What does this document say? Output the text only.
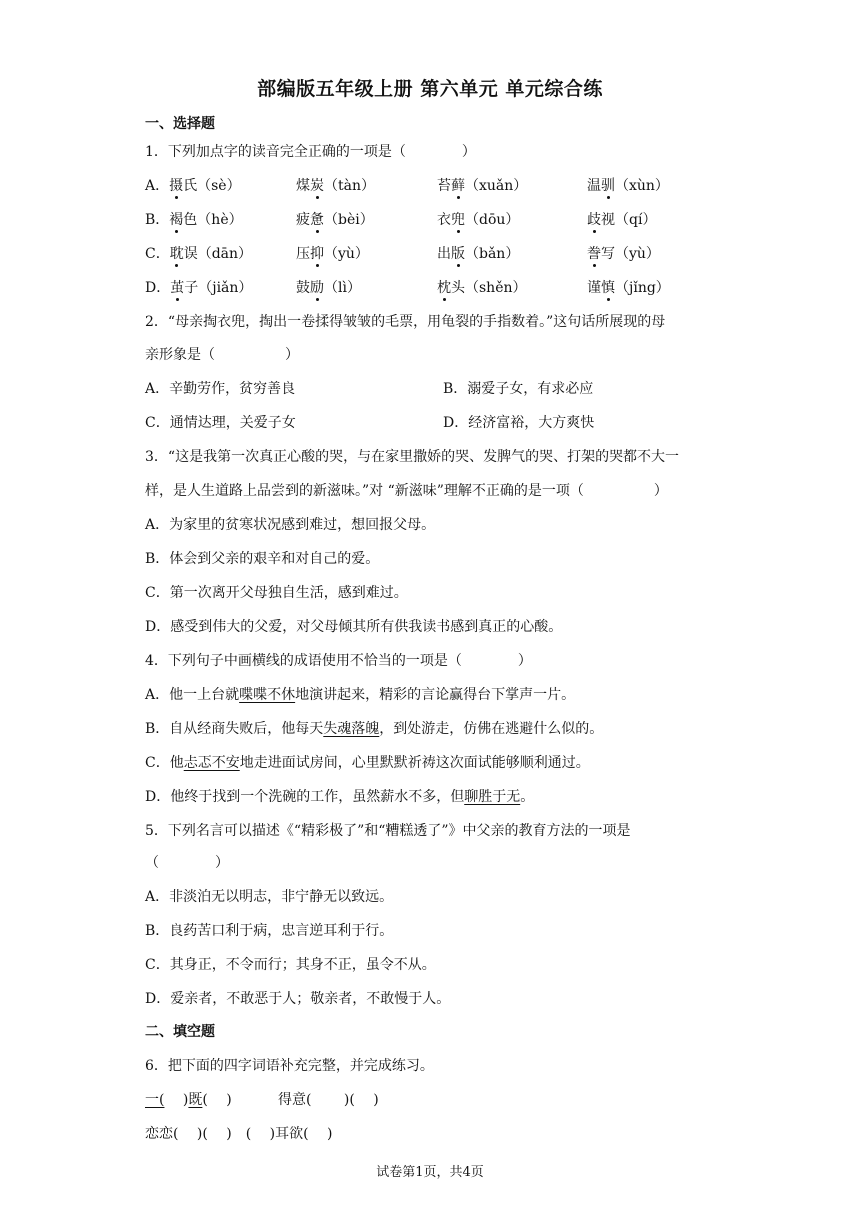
部编版五年级上册 第六单元 单元综合练
一、选择题
1．下列加点字的读音完全正确的一项是（　　　　）
A．摄氏（sè）	煤炭（tàn）	苔藓（xuǎn）	温驯（xùn）
B．褐色（hè）	疲惫（bèi）	衣兜（dōu）	歧视（qí）
C．耽误（dān）	压抑（yù）	出版（bǎn）	誊写（yù）
D．茧子（jiǎn）	鼓励（lì）	枕头（shěn）	谨慎（jǐng）
2．“母亲掏衣兜，掏出一卷揉得皱皱的毛票，用龟裂的手指数着。”这句话所展现的母
亲形象是（　　　　　）
A．辛勤劳作，贫穷善良	B．溺爱子女，有求必应
C．通情达理，关爱子女	D．经济富裕，大方爽快
3．“这是我第一次真正心酸的哭，与在家里撒娇的哭、发脾气的哭、打架的哭都不大一
样，是人生道路上品尝到的新滋味。”对 “新滋味”理解不正确的是一项（　　　　　）
A．为家里的贫寒状况感到难过，想回报父母。
B．体会到父亲的艰辛和对自己的爱。
C．第一次离开父母独自生活，感到难过。
D．感受到伟大的父爱，对父母倾其所有供我读书感到真正的心酸。
4．下列句子中画横线的成语使用不恰当的一项是（　　　　）
A．他一上台就喋喋不休地演讲起来，精彩的言论赢得台下掌声一片。
B．自从经商失败后，他每天失魂落魄，到处游走，仿佛在逃避什么似的。
C．他忐忑不安地走进面试房间，心里默默祈祷这次面试能够顺利通过。
D．他终于找到一个洗碗的工作，虽然薪水不多，但聊胜于无。
5．下列名言可以描述《“精彩极了”和“糟糕透了”》中父亲的教育方法的一项是
（　　　　）
A．非淡泊无以明志，非宁静无以致远。
B．良药苦口利于病，忠言逆耳利于行。
C．其身正，不令而行；其身不正，虽令不从。
D．爱亲者，不敢恶于人；敬亲者，不敢慢于人。
二、填空题
6．把下面的四字词语补充完整，并完成练习。
一(　 )既(　 )	得意(　 　)(　 )
恋恋(　 )(　 )　(　 )耳欲(　 )
试卷第1页，共4页
